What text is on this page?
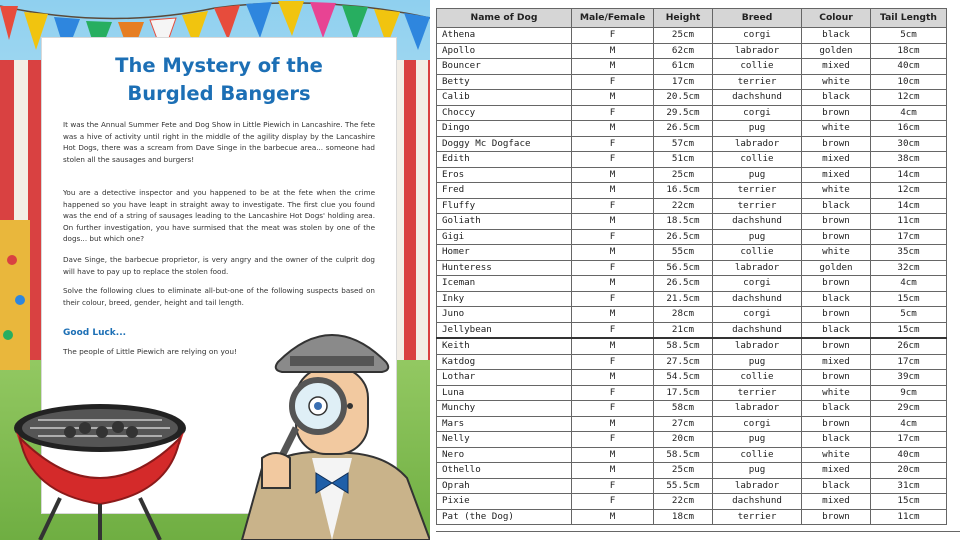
The Mystery of the
Burgled Bangers

It was the Annual Summer Fete and Dog Show in Little Piewich in Lancashire. The fete was a hive of activity until right in the middle of the agility display by the Lancashire Hot Dogs, there was a scream from Dave Singe in the barbecue area... someone had stolen all the sausages and burgers!

You are a detective inspector and you happened to be at the fete when the crime happened so you have leapt in straight away to investigate. The first clue you found was the end of a string of sausages leading to the Lancashire Hot Dogs' holding area. On further investigation, you have surmised that the meat was stolen by one of the dogs... but which one?

Dave Singe, the barbecue proprietor, is very angry and the owner of the culprit dog will have to pay up to replace the stolen food.

Solve the following clues to eliminate all-but-one of the following suspects based on their colour, breed, gender, height and tail length.

Good Luck...

The people of Little Piewich are relying on you!

Name of Dog	Male/Female	Height	Breed	Colour	Tail Length
Athena	F	25cm	corgi	black	5cm
Apollo	M	62cm	labrador	golden	18cm
Bouncer	M	61cm	collie	mixed	40cm
Betty	F	17cm	terrier	white	10cm
Calib	M	20.5cm	dachshund	black	12cm
Choccy	F	29.5cm	corgi	brown	4cm
Dingo	M	26.5cm	pug	white	16cm
Doggy Mc Dogface	F	57cm	labrador	brown	30cm
Edith	F	51cm	collie	mixed	38cm
Eros	M	25cm	pug	mixed	14cm
Fred	M	16.5cm	terrier	white	12cm
Fluffy	F	22cm	terrier	black	14cm
Goliath	M	18.5cm	dachshund	brown	11cm
Gigi	F	26.5cm	pug	brown	17cm
Homer	M	55cm	collie	white	35cm
Hunteress	F	56.5cm	labrador	golden	32cm
Iceman	M	26.5cm	corgi	brown	4cm
Inky	F	21.5cm	dachshund	black	15cm
Juno	M	28cm	corgi	brown	5cm
Jellybean	F	21cm	dachshund	black	15cm
Keith	M	58.5cm	labrador	brown	26cm
Katdog	F	27.5cm	pug	mixed	17cm
Lothar	M	54.5cm	collie	brown	39cm
Luna	F	17.5cm	terrier	white	9cm
Munchy	F	58cm	labrador	black	29cm
Mars	M	27cm	corgi	brown	4cm
Nelly	F	20cm	pug	black	17cm
Nero	M	58.5cm	collie	white	40cm
Othello	M	25cm	pug	mixed	20cm
Oprah	F	55.5cm	labrador	black	31cm
Pixie	F	22cm	dachshund	mixed	15cm
Pat (the Dog)	M	18cm	terrier	brown	11cm
